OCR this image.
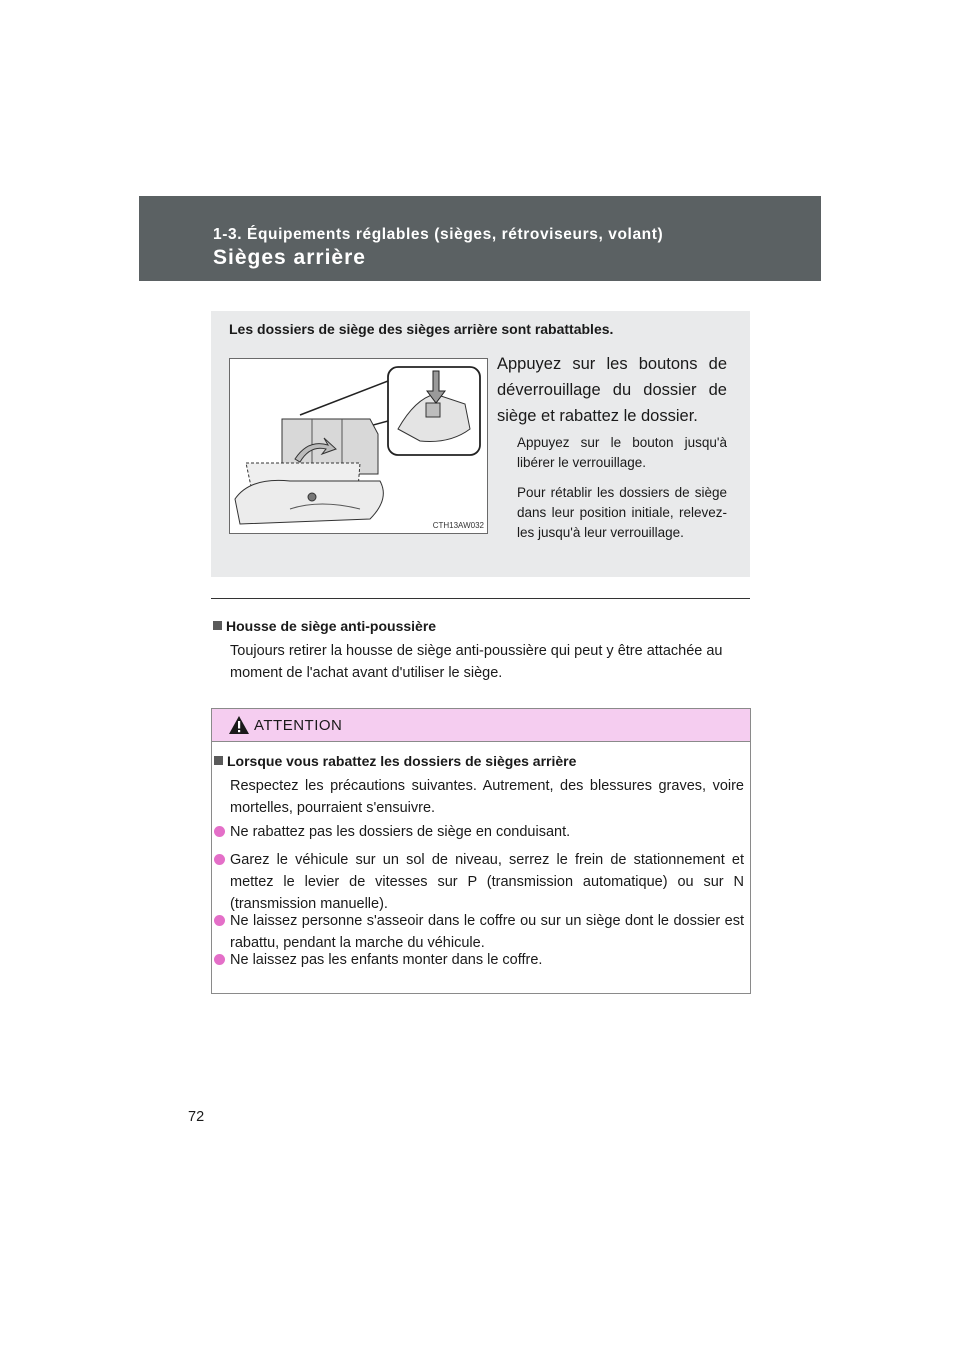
1-3. Équipements réglables (sièges, rétroviseurs, volant)
Sièges arrière
Les dossiers de siège des sièges arrière sont rabattables.
CTH13AW032
Appuyez sur les boutons de déverrouillage du dossier de siège et rabattez le dossier.
Appuyez sur le bouton jusqu'à libérer le verrouillage.
Pour rétablir les dossiers de siège dans leur position initiale, relevez-les jusqu'à leur verrouillage.
Housse de siège anti-poussière
Toujours retirer la housse de siège anti-poussière qui peut y être attachée au moment de l'achat avant d'utiliser le siège.
ATTENTION
Lorsque vous rabattez les dossiers de sièges arrière
Respectez les précautions suivantes. Autrement, des blessures graves, voire mortelles, pourraient s'ensuivre.
Ne rabattez pas les dossiers de siège en conduisant.
Garez le véhicule sur un sol de niveau, serrez le frein de stationnement et mettez le levier de vitesses sur P (transmission automatique) ou sur N (transmission manuelle).
Ne laissez personne s'asseoir dans le coffre ou sur un siège dont le dossier est rabattu, pendant la marche du véhicule.
Ne laissez pas les enfants monter dans le coffre.
72
